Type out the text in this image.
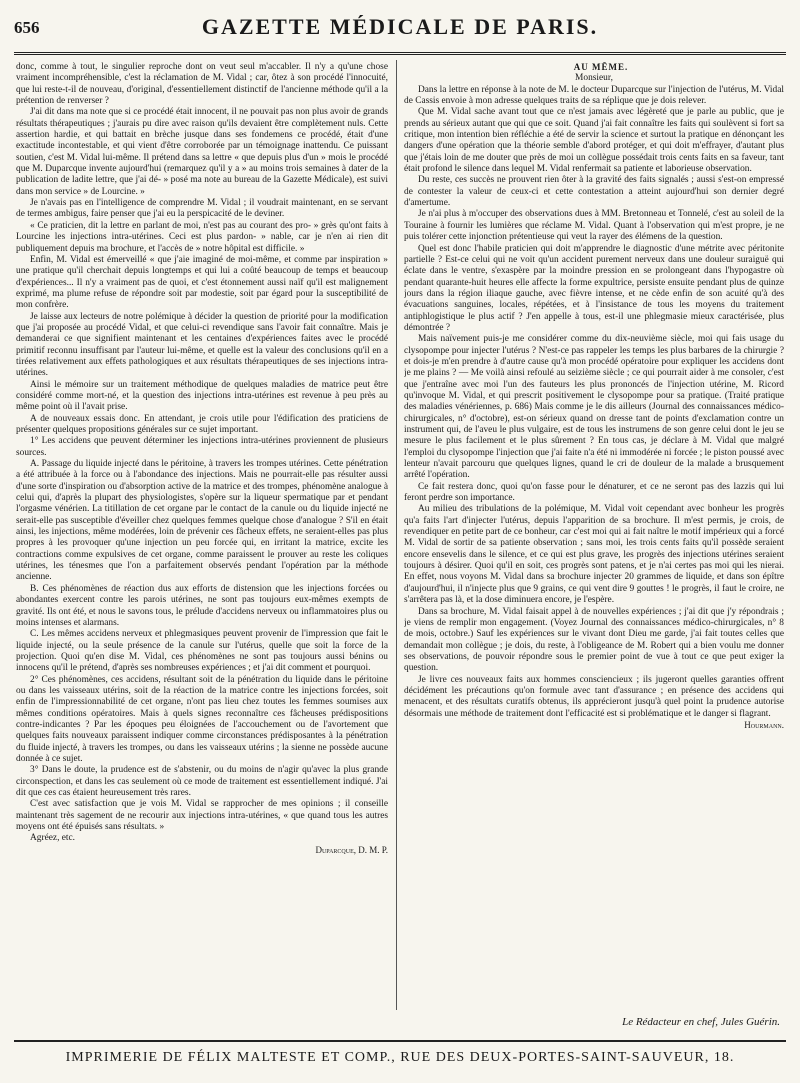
656	GAZETTE MÉDICALE DE PARIS.

donc, comme à tout, le singulier reproche dont on veut seul m'accabler. Il n'y a qu'une chose vraiment incompréhensible, c'est la réclamation de M. Vidal ; car, ôtez à son procédé l'innocuité, que lui reste-t-il de nouveau, d'original, d'essentiellement distinctif de l'ancienne méthode qu'il a la prétention de renverser ?

J'ai dit dans ma note que si ce procédé était innocent, il ne pouvait pas non plus avoir de grands résultats thérapeutiques ; j'aurais pu dire avec raison qu'ils devaient être complètement nuls. Cette assertion hardie, et qui battait en brèche jusque dans ses fondemens ce procédé, était d'une exactitude incontestable, et qui vient d'être corroborée par un témoignage inattendu. Ce puissant soutien, c'est M. Vidal lui-même. Il prétend dans sa lettre « que depuis plus d'un » mois le procédé que M. Duparcque invente aujourd'hui (remarquez qu'il y a » au moins trois semaines à dater de la publication de ladite lettre, que j'ai dé- » posé ma note au bureau de la Gazette Médicale), est suivi dans mon service » de Lourcine. »

Je n'avais pas en l'intelligence de comprendre M. Vidal ; il voudrait maintenant, en se servant de termes ambigus, faire penser que j'ai eu la perspicacité de le deviner.

« Ce praticien, dit la lettre en parlant de moi, n'est pas au courant des pro- » grès qu'ont faits à Lourcine les injections intra-utérines. Ceci est plus pardon- » nable, car je n'en ai rien dit publiquement depuis ma brochure, et l'accès de » notre hôpital est difficile. »

Enfin, M. Vidal est émerveillé « que j'aie imaginé de moi-même, et comme par inspiration » une pratique qu'il cherchait depuis longtemps et qui lui a coûté beaucoup de temps et beaucoup d'expériences... Il n'y a vraiment pas de quoi, et c'est étonnement aussi naïf qu'il est malignement exprimé, ma plume refuse de répondre soit par modestie, soit par égard pour la susceptibilité de mon confrère.

Je laisse aux lecteurs de notre polémique à décider la question de priorité pour la modification que j'ai proposée au procédé Vidal, et que celui-ci revendique sans l'avoir fait connaître. Mais je demanderai ce que signifient maintenant et les centaines d'expériences faites avec le procédé primitif reconnu insuffisant par l'auteur lui-même, et quelle est la valeur des conclusions qu'il en a tirées relativement aux effets pathologiques et aux résultats thérapeutiques de ses injections intra-utérines.

Ainsi le mémoire sur un traitement méthodique de quelques maladies de matrice peut être considéré comme mort-né, et la question des injections intra-utérines est revenue à peu près au même point où il l'avait prise.

A de nouveaux essais donc. En attendant, je crois utile pour l'édification des praticiens de présenter quelques propositions générales sur ce sujet important.

1° Les accidens que peuvent déterminer les injections intra-utérines proviennent de plusieurs sources.

A. Passage du liquide injecté dans le péritoine, à travers les trompes utérines. Cette pénétration a été attribuée à la force ou à l'abondance des injections. Mais ne pourrait-elle pas résulter aussi d'une sorte d'inspiration ou d'absorption active de la matrice et des trompes, phénomène analogue à celui qui, d'après la plupart des physiologistes, s'opère sur la liqueur spermatique par et pendant l'orgasme vénérien. La titillation de cet organe par le contact de la canule ou du liquide injecté ne serait-elle pas susceptible d'éveiller chez quelques femmes quelque chose d'analogue ? S'il en était ainsi, les injections, même modérées, loin de prévenir ces fâcheux effets, ne seraient-elles pas plus propres à les provoquer qu'une injection un peu forcée qui, en irritant la matrice, excite les contractions comme expulsives de cet organe, comme paraissent le prouver au reste les coliques utérines, les ténesmes que l'on a parfaitement observés pendant l'opération par la méthode ancienne.

B. Ces phénomènes de réaction dus aux efforts de distension que les injections forcées ou abondantes exercent contre les parois utérines, ne sont pas toujours eux-mêmes exempts de gravité. Ils ont été, et nous le savons tous, le prélude d'accidens nerveux ou inflammatoires plus ou moins intenses et alarmans.

C. Les mêmes accidens nerveux et phlegmasiques peuvent provenir de l'impression que fait le liquide injecté, ou la seule présence de la canule sur l'utérus, quelle que soit la force de la projection. Quoi qu'en dise M. Vidal, ces phénomènes ne sont pas toujours aussi bénins ou innocens qu'il le prétend, d'après ses nombreuses expériences ; et j'ai dit comment et pourquoi.

2° Ces phénomènes, ces accidens, résultant soit de la pénétration du liquide dans le péritoine ou dans les vaisseaux utérins, soit de la réaction de la matrice contre les injections forcées, soit enfin de l'impressionnabilité de cet organe, n'ont pas lieu chez toutes les femmes soumises aux mêmes conditions opératoires. Mais à quels signes reconnaître ces fâcheuses prédispositions contre-indicantes ? Par les époques peu éloignées de l'accouchement ou de l'avortement que quelques faits nouveaux paraissent indiquer comme circonstances prédisposantes à la pénétration du fluide injecté, à travers les trompes, ou dans les vaisseaux utérins ; la sienne ne possède aucune donnée à ce sujet.

3° Dans le doute, la prudence est de s'abstenir, ou du moins de n'agir qu'avec la plus grande circonspection, et dans les cas seulement où ce mode de traitement est essentiellement indiqué. J'ai dit que ces cas étaient heureusement très rares.

C'est avec satisfaction que je vois M. Vidal se rapprocher de mes opinions ; il conseille maintenant très sagement de ne recourir aux injections intra-utérines, « que quand tous les autres moyens ont été épuisés sans résultats. »

Agréez, etc.

Duparcque, D. M. P.

AU MÊME.

Monsieur,

Dans la lettre en réponse à la note de M. le docteur Duparcque sur l'injection de l'utérus, M. Vidal de Cassis envoie à mon adresse quelques traits de sa réplique que je dois relever.

Que M. Vidal sache avant tout que ce n'est jamais avec légèreté que je parle au public, que je prends au sérieux autant que qui que ce soit. Quand j'ai fait connaître les faits qui soulèvent si fort sa critique, mon intention bien réfléchie a été de servir la science et surtout la pratique en dénonçant les dangers d'une opération que la théorie semble d'abord protéger, et qui doit m'effrayer, d'autant plus que j'étais loin de me douter que près de moi un collègue possédait trois cents faits en sa faveur, tant était profond le silence dans lequel M. Vidal renfermait sa patiente et laborieuse observation.

Du reste, ces succès ne prouvent rien ôter à la gravité des faits signalés ; aussi s'est-on empressé de contester la valeur de ceux-ci et cette contestation a atteint aujourd'hui son dernier degré d'amertume.

Je n'ai plus à m'occuper des observations dues à MM. Bretonneau et Tonnelé, c'est au soleil de la Touraine à fournir les lumières que réclame M. Vidal. Quant à l'observation qui m'est propre, je ne puis tolérer cette injonction prétentieuse qui veut la rayer des élémens de la question.

Quel est donc l'habile praticien qui doit m'apprendre le diagnostic d'une métrite avec péritonite partielle ? Est-ce celui qui ne voit qu'un accident purement nerveux dans une douleur suraiguë qui éclate dans le ventre, s'exaspère par la moindre pression en se prolongeant dans l'hypogastre où pendant quarante-huit heures elle affecte la forme expultrice, persiste ensuite pendant plus de quinze jours dans la région iliaque gauche, avec fièvre intense, et ne cède enfin de son acuité qu'à des évacuations sanguines, locales, répétées, et à l'insistance de tous les moyens du traitement antiphlogistique le plus actif ? J'en appelle à tous, est-il une phlegmasie mieux caractérisée, plus démontrée ?

Mais naïvement puis-je me considérer comme du dix-neuvième siècle, moi qui fais usage du clysopompe pour injecter l'utérus ? N'est-ce pas rappeler les temps les plus barbares de la chirurgie ? et dois-je m'en prendre à d'autre cause qu'à mon procédé opératoire pour expliquer les accidens dont je me plains ? — Me voilà ainsi refoulé au seizième siècle ; ce qui pourrait aider à me consoler, c'est que j'entraîne avec moi l'un des fauteurs les plus prononcés de l'injection utérine, M. Ricord qu'invoque M. Vidal, et qui prescrit positivement le clysopompe pour sa pratique. (Traité pratique des maladies vénériennes, p. 686) Mais comme je le dis ailleurs (Journal des connaissances médico-chirurgicales, n° d'octobre), est-on sérieux quand on dresse tant de points d'exclamation contre un instrument qui, de l'aveu le plus vulgaire, est de tous les instrumens de son genre celui dont le jeu se mesure le plus facilement et le plus sûrement ? En tous cas, je déclare à M. Vidal que malgré l'emploi du clysopompe l'injection que j'ai faite n'a été ni immodérée ni forcée ; le piston poussé avec lenteur n'avait parcouru que quelques lignes, quand le cri de douleur de la malade a brusquement arrêté l'opération.

Ce fait restera donc, quoi qu'on fasse pour le dénaturer, et ce ne seront pas des lazzis qui lui feront perdre son importance.

Au milieu des tribulations de la polémique, M. Vidal voit cependant avec bonheur les progrès qu'a faits l'art d'injecter l'utérus, depuis l'apparition de sa brochure. Il m'est permis, je crois, de revendiquer en petite part de ce bonheur, car c'est moi qui ai fait naître le motif impérieux qui a forcé M. Vidal de sortir de sa patiente observation ; sans moi, les trois cents faits qu'il possède seraient encore ensevelis dans le silence, et ce qui est plus grave, les progrès des injections utérines seraient toujours à désirer. Quoi qu'il en soit, ces progrès sont patens, et je n'ai certes pas moi qui les nierai. En effet, nous voyons M. Vidal dans sa brochure injecter 20 grammes de liquide, et dans son épître d'aujourd'hui, il n'injecte plus que 9 grains, ce qui vent dire 9 gouttes ! le progrès, il faut le croire, ne s'arrêtera pas là, et la dose diminuera encore, je l'espère.

Dans sa brochure, M. Vidal faisait appel à de nouvelles expériences ; j'ai dit que j'y répondrais ; je viens de remplir mon engagement. (Voyez Journal des connaissances médico-chirurgicales, n° 8 de mois, octobre.) Sauf les expériences sur le vivant dont Dieu me garde, j'ai fait toutes celles que demandait mon collègue ; je dois, du reste, à l'obligeance de M. Robert qui a bien voulu me donner ses observations, de pouvoir répondre sous le premier point de vue à tout ce que peut exiger la question.

Je livre ces nouveaux faits aux hommes consciencieux ; ils jugeront quelles garanties offrent décidément les précautions qu'on formule avec tant d'assurance ; en présence des accidens qui menacent, et des résultats curatifs obtenus, ils apprécieront jusqu'à quel point la prudence autorise désormais une méthode de traitement dont l'efficacité est si problématique et le danger si flagrant.

Hourmann.

Le Rédacteur en chef, Jules Guérin.
IMPRIMERIE DE FÉLIX MALTESTE ET COMP., RUE DES DEUX-PORTES-SAINT-SAUVEUR, 18.
